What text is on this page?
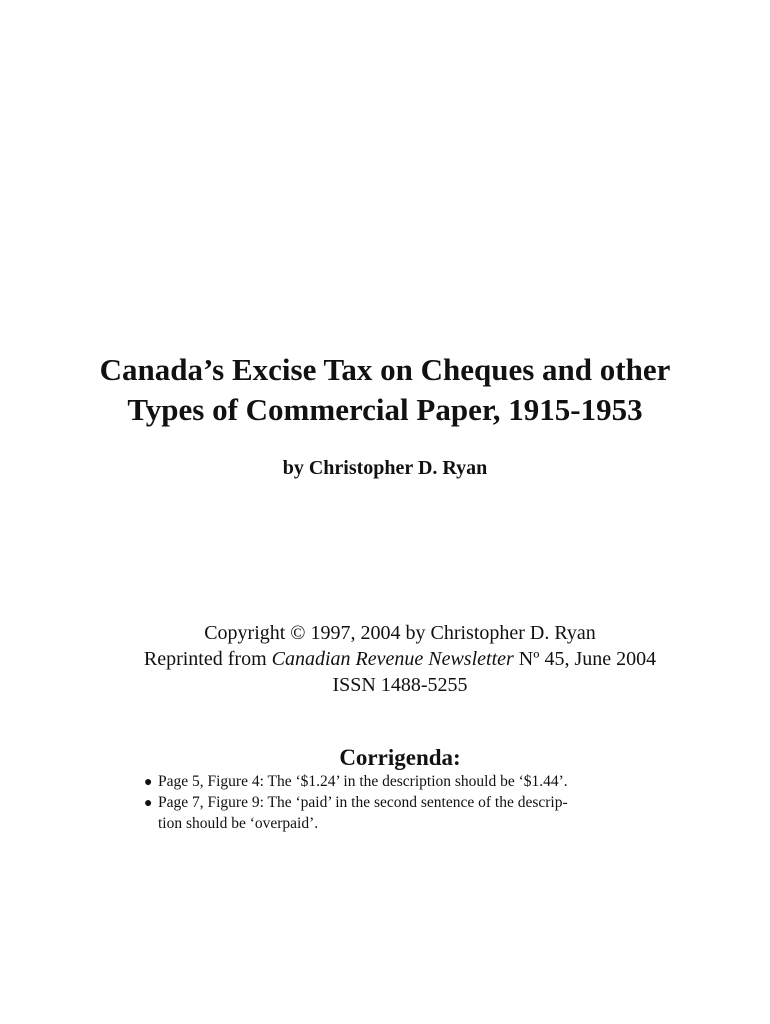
Canada’s Excise Tax on Cheques and other

Types of Commercial Paper, 1915-1953

by Christopher D. Ryan
Copyright © 1997, 2004 by Christopher D. Ryan
Reprinted from Canadian Revenue Newsletter Nº 45, June 2004
ISSN 1488-5255
Corrigenda:
● Page 5, Figure 4: The ‘$1.24’ in the description should be ‘$1.44’.
● Page 7, Figure 9: The ‘paid’ in the second sentence of the descrip-
tion should be ‘overpaid’.
